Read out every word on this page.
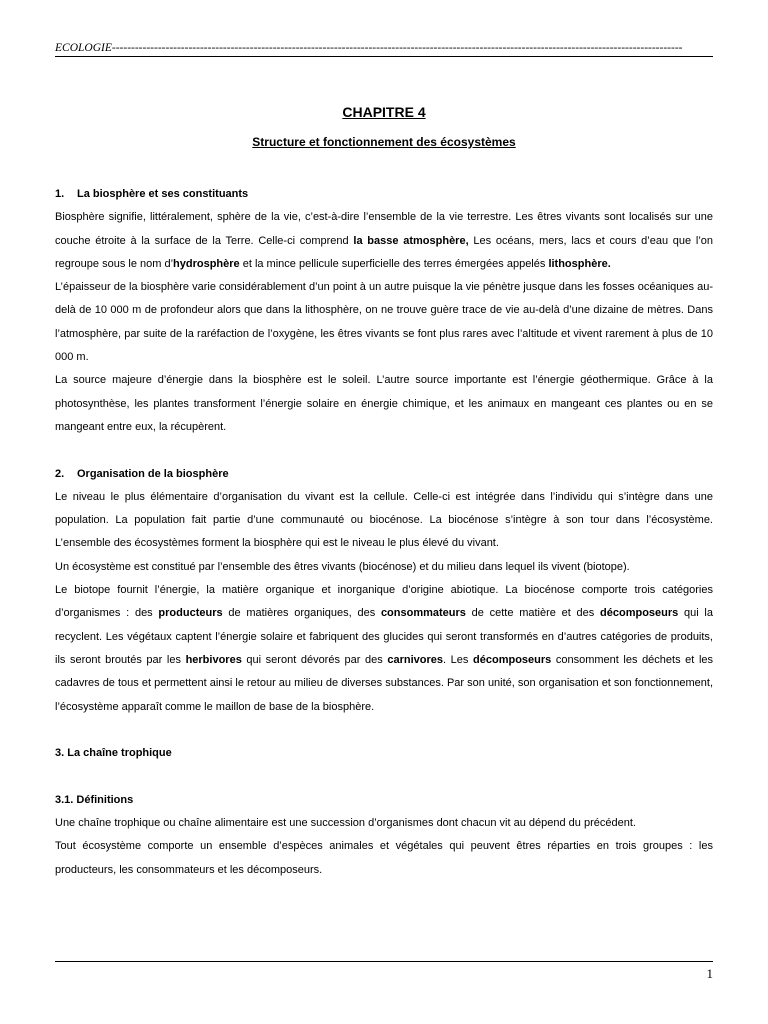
ECOLOGIE-----------------------------------------------------------------------------------------------------------------------------------------------------
CHAPITRE 4
Structure et fonctionnement des écosystèmes

1. La biosphère et ses constituants

Biosphère signifie, littéralement, sphère de la vie, c’est-à-dire l’ensemble de la vie terrestre. Les êtres vivants sont localisés sur une couche étroite à la surface de la Terre. Celle-ci comprend la basse atmosphère, Les océans, mers, lacs et cours d’eau que l’on regroupe sous le nom d’hydrosphère et la mince pellicule superficielle des terres émergées appelés lithosphère.

L’épaisseur de la biosphère varie considérablement d’un point à un autre puisque la vie pénètre jusque dans les fosses océaniques au-delà de 10 000 m de profondeur alors que dans la lithosphère, on ne trouve guère trace de vie au-delà d’une dizaine de mètres. Dans l’atmosphère, par suite de la raréfaction de l’oxygène, les êtres vivants se font plus rares avec l’altitude et vivent rarement à plus de 10 000 m.

La source majeure d’énergie dans la biosphère est le soleil. L’autre source importante est l’énergie géothermique. Grâce à la photosynthèse, les plantes transforment l’énergie solaire en énergie chimique, et les animaux en mangeant ces plantes ou en se mangeant entre eux, la récupèrent.

2. Organisation de la biosphère

Le niveau le plus élémentaire d’organisation du vivant est la cellule. Celle-ci est intégrée dans l’individu qui s’intègre dans une population. La population fait partie d’une communauté ou biocénose. La biocénose s’intègre à son tour dans l’écosystème. L’ensemble des écosystèmes forment la biosphère qui est le niveau le plus élevé du vivant.

Un écosystème est constitué par l’ensemble des êtres vivants (biocénose) et du milieu dans lequel ils vivent (biotope).

Le biotope fournit l’énergie, la matière organique et inorganique d’origine abiotique. La biocénose comporte trois catégories d’organismes : des producteurs de matières organiques, des consommateurs de cette matière et des décomposeurs qui la recyclent. Les végétaux captent l’énergie solaire et fabriquent des glucides qui seront transformés en d’autres catégories de produits, ils seront broutés par les herbivores qui seront dévorés par des carnivores. Les décomposeurs consomment les déchets et les cadavres de tous et permettent ainsi le retour au milieu de diverses substances. Par son unité, son organisation et son fonctionnement, l’écosystème apparaît comme le maillon de base de la biosphère.

3. La chaîne trophique

3.1. Définitions

Une chaîne trophique ou chaîne alimentaire est une succession d’organismes dont chacun vit au dépend du précédent.

Tout écosystème comporte un ensemble d’espèces animales et végétales qui peuvent êtres réparties en trois groupes : les producteurs, les consommateurs et les décomposeurs.

1
